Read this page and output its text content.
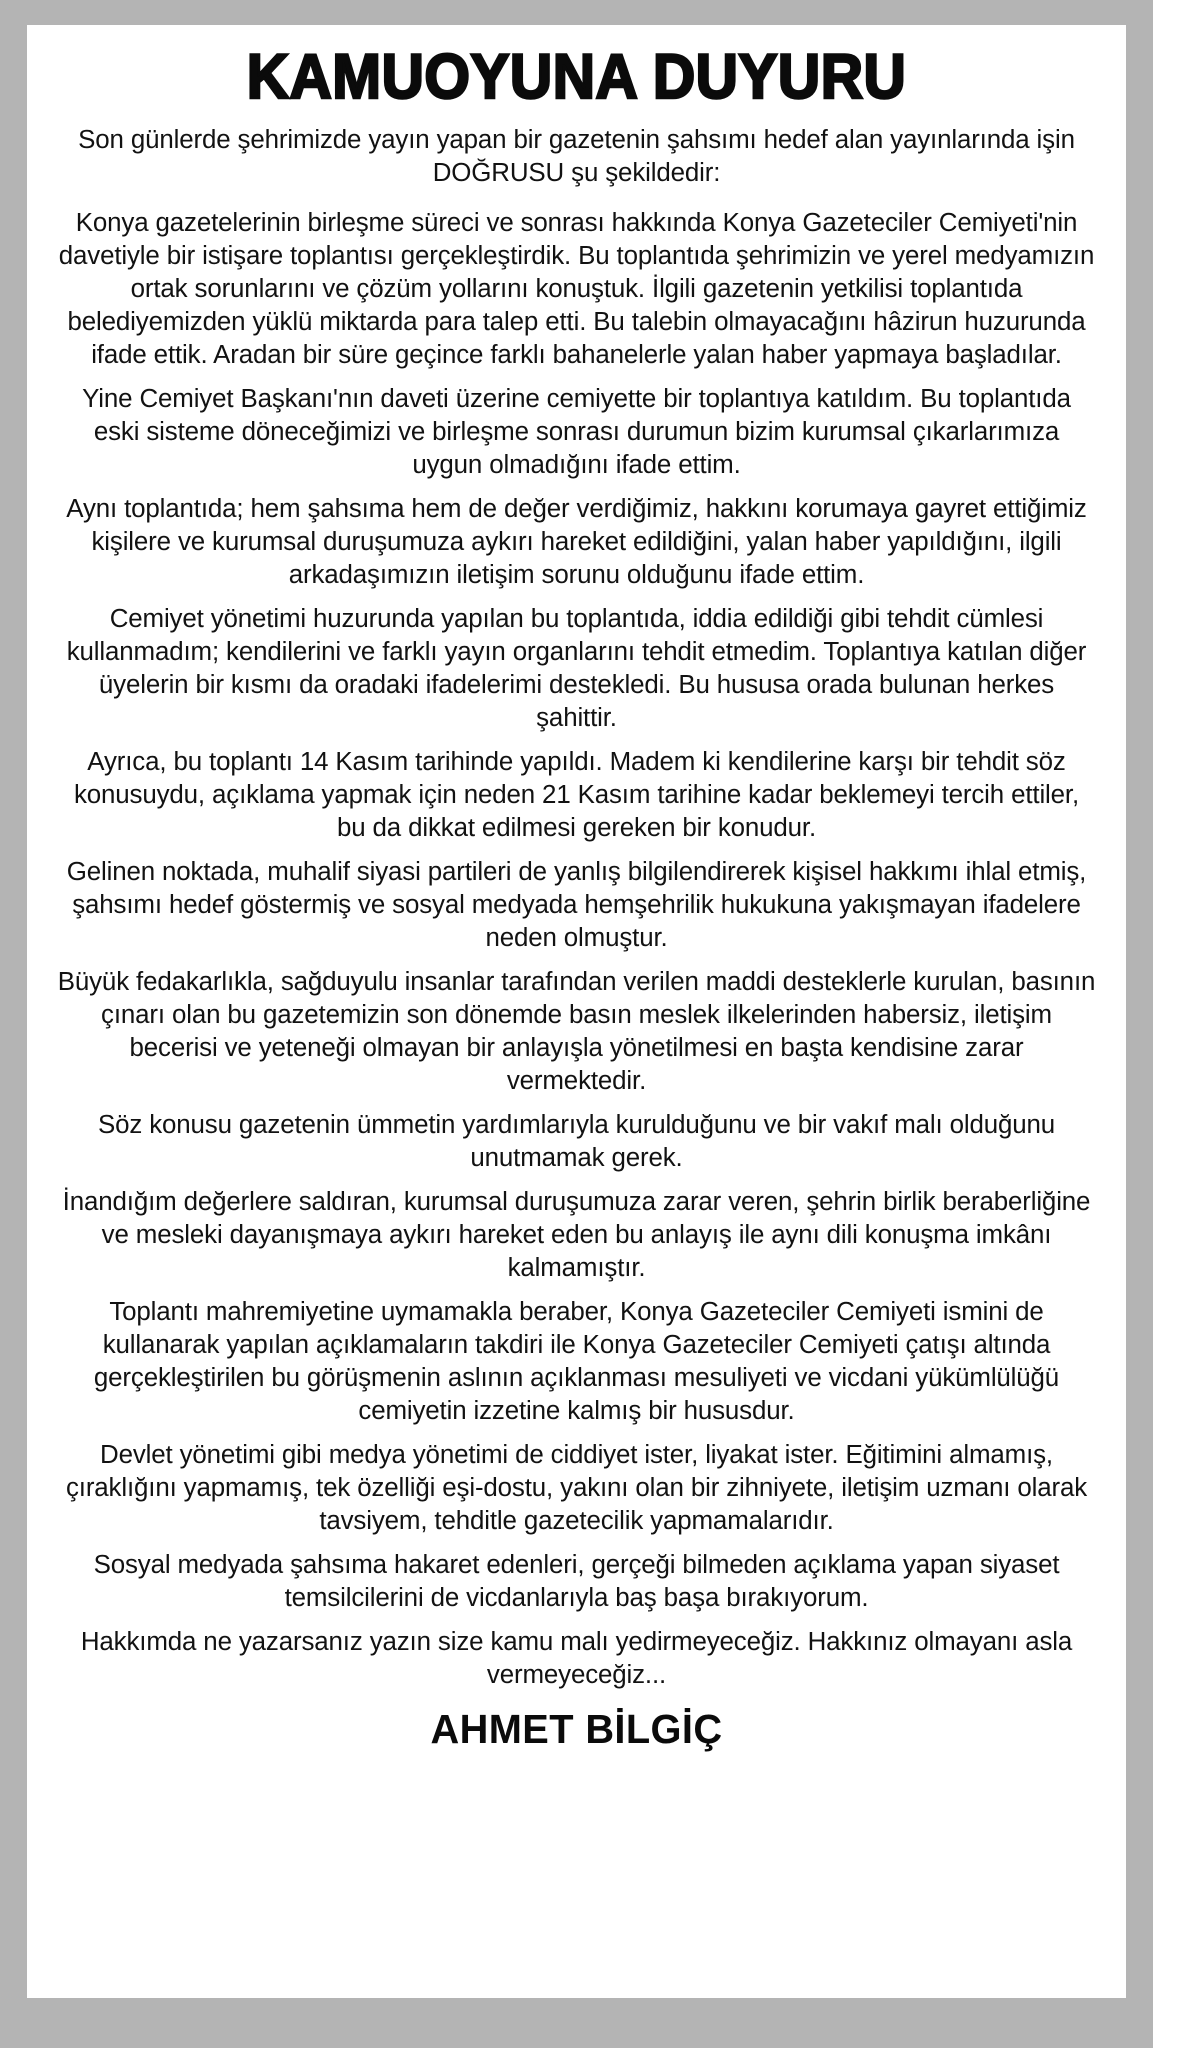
KAMUOYUNA DUYURU

Son günlerde şehrimizde yayın yapan bir gazetenin şahsımı hedef alan yayınlarında işin DOĞRUSU şu şekildedir:

Konya gazetelerinin birleşme süreci ve sonrası hakkında Konya Gazeteciler Cemiyeti'nin davetiyle bir istişare toplantısı gerçekleştirdik. Bu toplantıda şehrimizin ve yerel medyamızın ortak sorunlarını ve çözüm yollarını konuştuk. İlgili gazetenin yetkilisi toplantıda belediyemizden yüklü miktarda para talep etti. Bu talebin olmayacağını hâzirun huzurunda ifade ettik. Aradan bir süre geçince farklı bahanelerle yalan haber yapmaya başladılar.

Yine Cemiyet Başkanı'nın daveti üzerine cemiyette bir toplantıya katıldım. Bu toplantıda eski sisteme döneceğimizi ve birleşme sonrası durumun bizim kurumsal çıkarlarımıza uygun olmadığını ifade ettim.

Aynı toplantıda; hem şahsıma hem de değer verdiğimiz, hakkını korumaya gayret ettiğimiz kişilere ve kurumsal duruşumuza aykırı hareket edildiğini, yalan haber yapıldığını, ilgili arkadaşımızın iletişim sorunu olduğunu ifade ettim.

Cemiyet yönetimi huzurunda yapılan bu toplantıda, iddia edildiği gibi tehdit cümlesi kullanmadım; kendilerini ve farklı yayın organlarını tehdit etmedim. Toplantıya katılan diğer üyelerin bir kısmı da oradaki ifadelerimi destekledi. Bu hususa orada bulunan herkes şahittir.

Ayrıca, bu toplantı 14 Kasım tarihinde yapıldı. Madem ki kendilerine karşı bir tehdit söz konusuydu, açıklama yapmak için neden 21 Kasım tarihine kadar beklemeyi tercih ettiler, bu da dikkat edilmesi gereken bir konudur.

Gelinen noktada, muhalif siyasi partileri de yanlış bilgilendirerek kişisel hakkımı ihlal etmiş, şahsımı hedef göstermiş ve sosyal medyada hemşehrilik hukukuna yakışmayan ifadelere neden olmuştur.

Büyük fedakarlıkla, sağduyulu insanlar tarafından verilen maddi desteklerle kurulan, basının çınarı olan bu gazetemizin son dönemde basın meslek ilkelerinden habersiz, iletişim becerisi ve yeteneği olmayan bir anlayışla yönetilmesi en başta kendisine zarar vermektedir.

Söz konusu gazetenin ümmetin yardımlarıyla kurulduğunu ve bir vakıf malı olduğunu unutmamak gerek.

İnandığım değerlere saldıran, kurumsal duruşumuza zarar veren, şehrin birlik beraberliğine ve mesleki dayanışmaya aykırı hareket eden bu anlayış ile aynı dili konuşma imkânı kalmamıştır.

Toplantı mahremiyetine uymamakla beraber, Konya Gazeteciler Cemiyeti ismini de kullanarak yapılan açıklamaların takdiri ile Konya Gazeteciler Cemiyeti çatışı altında gerçekleştirilen bu görüşmenin aslının açıklanması mesuliyeti ve vicdani yükümlülüğü cemiyetin izzetine kalmış bir hususdur.

Devlet yönetimi gibi medya yönetimi de ciddiyet ister, liyakat ister. Eğitimini almamış, çıraklığını yapmamış, tek özelliği eşi-dostu, yakını olan bir zihniyete, iletişim uzmanı olarak tavsiyem, tehditle gazetecilik yapmamalarıdır.

Sosyal medyada şahsıma hakaret edenleri, gerçeği bilmeden açıklama yapan siyaset temsilcilerini de vicdanlarıyla baş başa bırakıyorum.

Hakkımda ne yazarsanız yazın size kamu malı yedirmeyeceğiz. Hakkınız olmayanı asla vermeyeceğiz...

AHMET BİLGİÇ
